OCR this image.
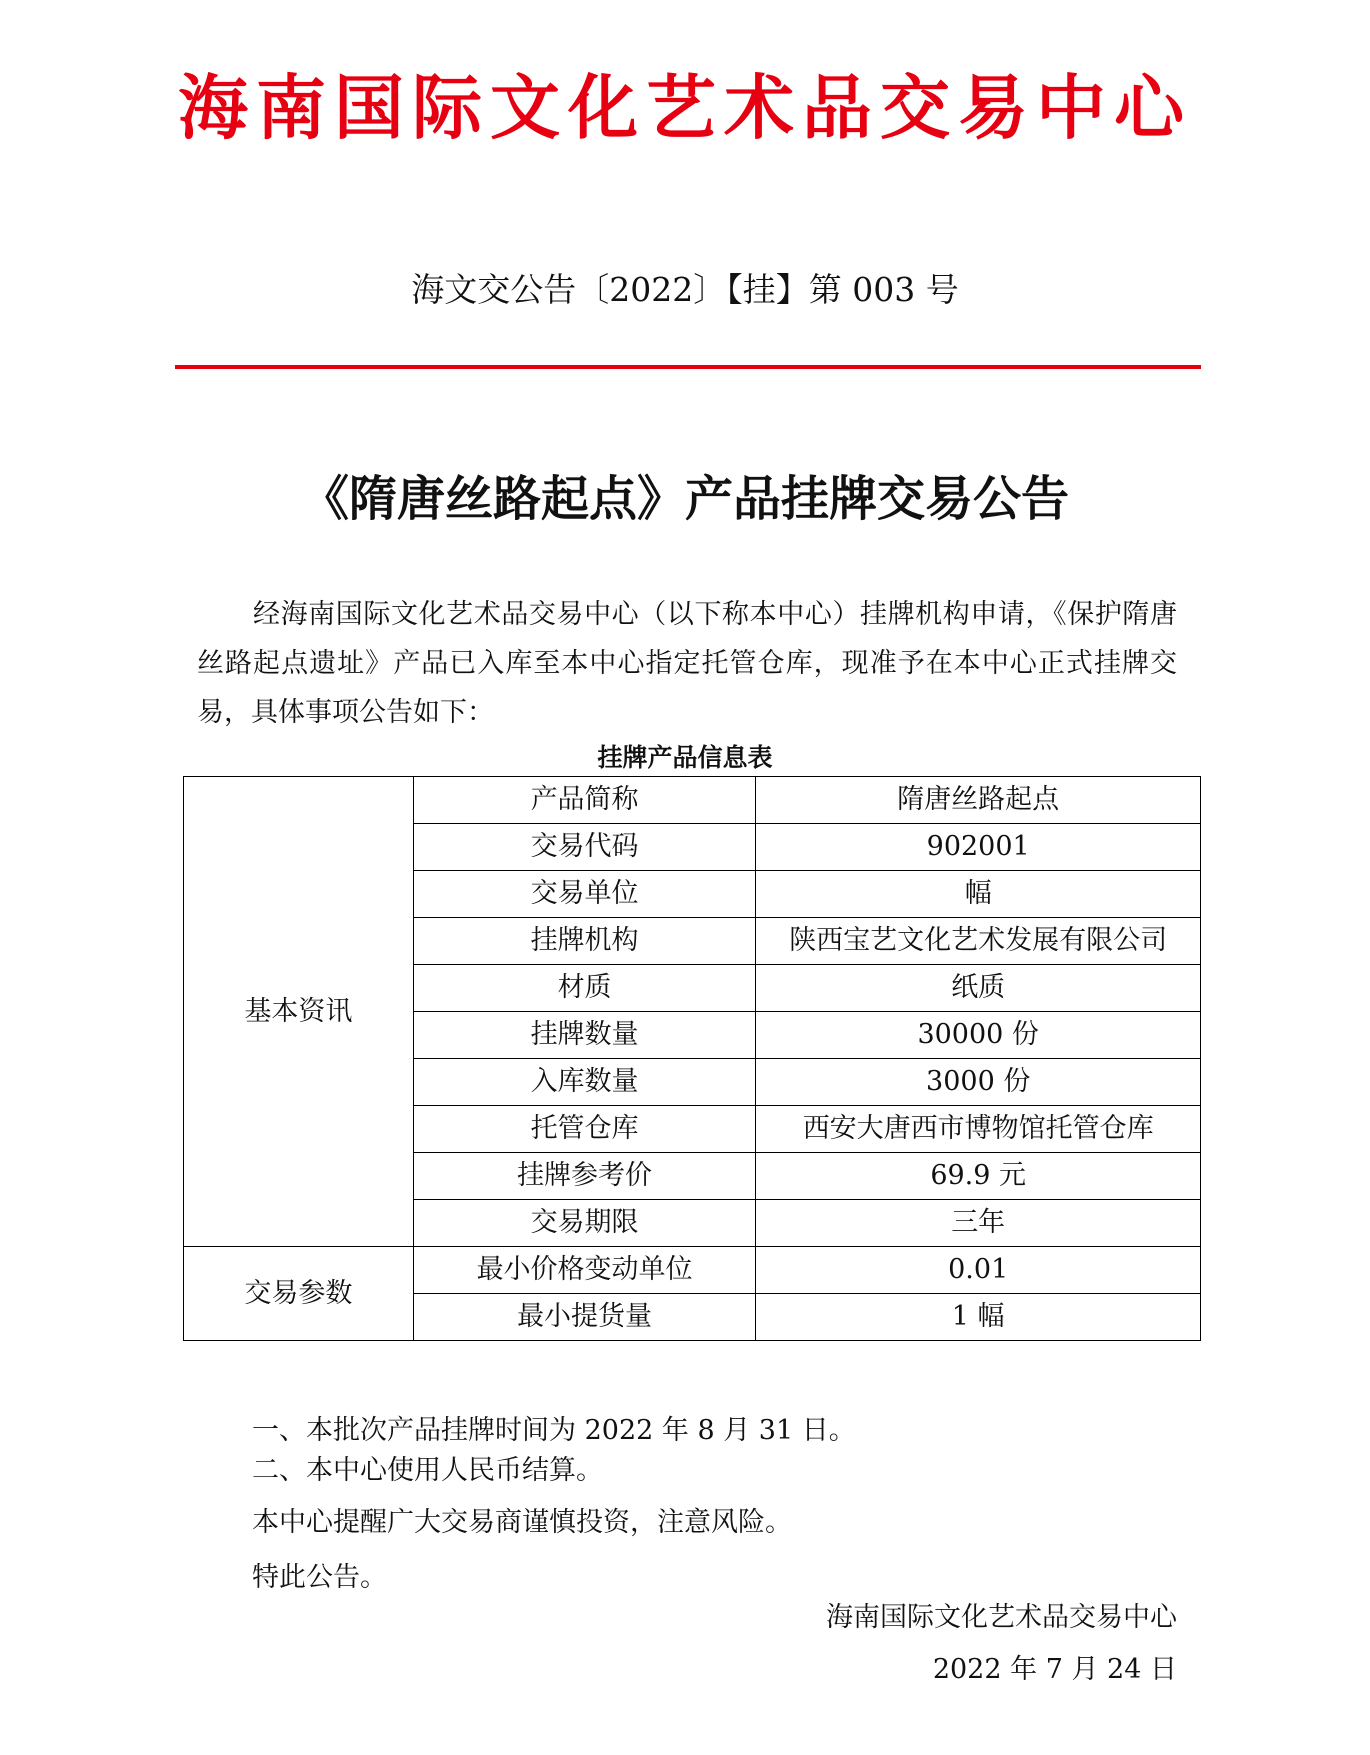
海南国际文化艺术品交易中心
海文交公告〔2022〕【挂】第 003 号
《隋唐丝路起点》产品挂牌交易公告

经海南国际文化艺术品交易中心（以下称本中心）挂牌机构申请，《保护隋唐丝路起点遗址》产品已入库至本中心指定托管仓库，现准予在本中心正式挂牌交易，具体事项公告如下：

挂牌产品信息表
基本资讯	产品简称	隋唐丝路起点
	交易代码	902001
	交易单位	幅
	挂牌机构	陕西宝艺文化艺术发展有限公司
	材质	纸质
	挂牌数量	30000 份
	入库数量	3000 份
	托管仓库	西安大唐西市博物馆托管仓库
	挂牌参考价	69.9 元
	交易期限	三年
交易参数	最小价格变动单位	0.01
	最小提货量	1 幅

一、本批次产品挂牌时间为 2022 年 8 月 31 日。

二、本中心使用人民币结算。

本中心提醒广大交易商谨慎投资，注意风险。

特此公告。

海南国际文化艺术品交易中心
2022 年 7 月 24 日
